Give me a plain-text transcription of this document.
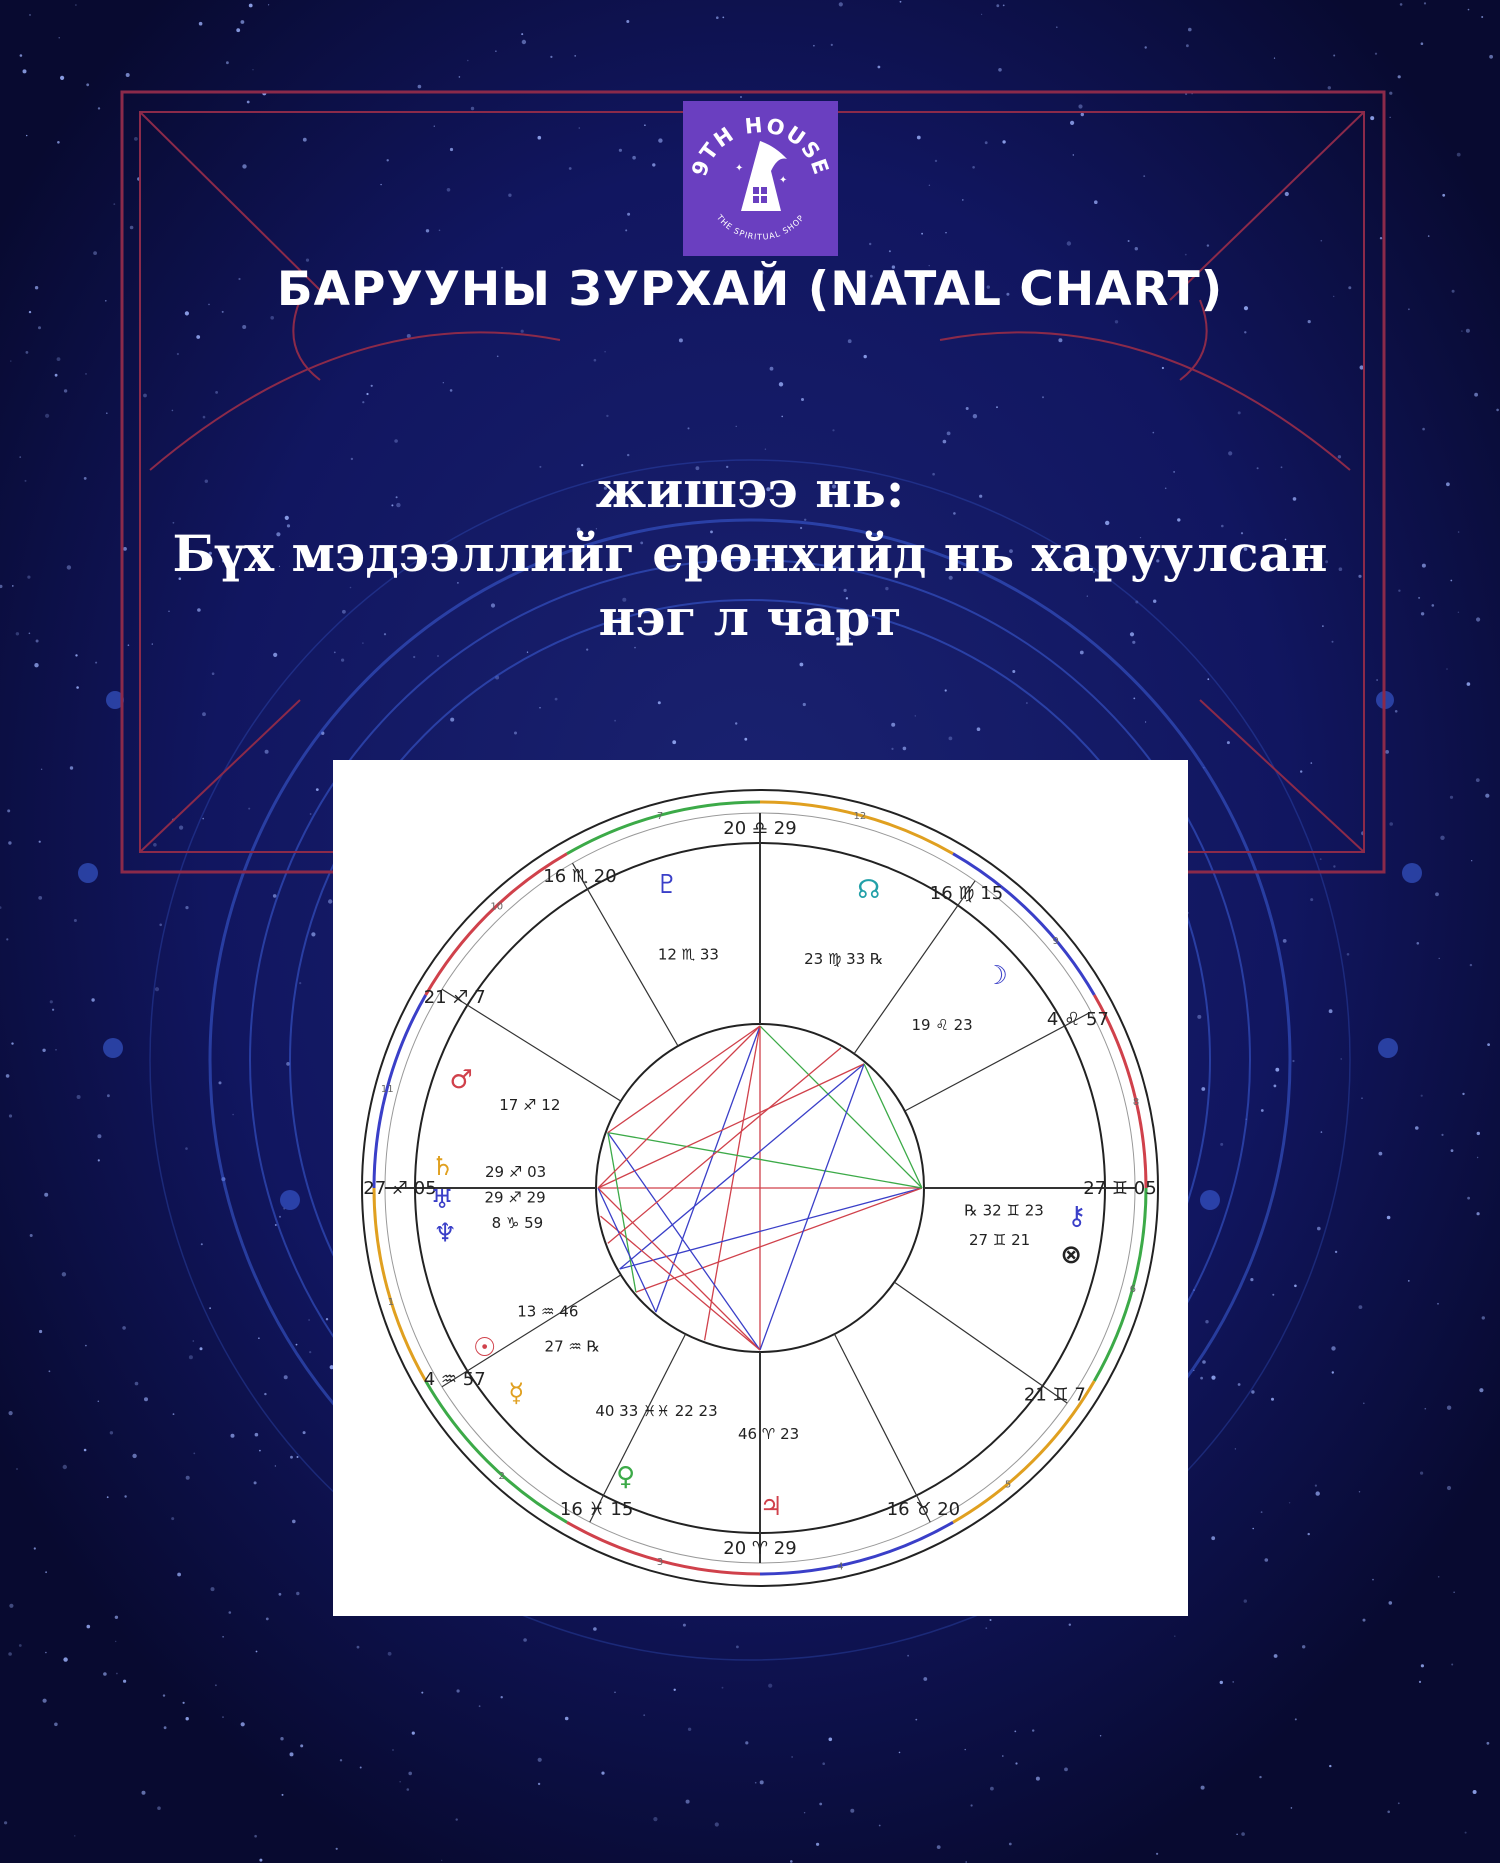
9TH HOUSE
THE SPIRITUAL SHOP
✦
✦
БАРУУНЫ ЗУРХАЙ (NATAL CHART)
жишээ нь:
Бүх мэдээллийг ерөнхийд нь харуулсан
нэг л чарт
20 ♎ 29
16 ♍ 15
4 ♌ 57
27 ♊ 05
21 ♊ 7
16 ♉ 20
20 ♈ 29
16 ♓ 15
4 ♒ 57
27 ♐ 05
21 ♐ 7
16 ♏ 20
12
9
8
6
5
4
3
2
1
11
10
7
♇
12 ♏ 33
☊
23 ♍ 33 ℞
☽
19 ♌ 23
⚷
℞ 32 ♊ 23
⊗
27 ♊ 21
♃
46 ♈ 23
♀
40 33 ♓♓ 22 23
☿
27 ♒ ℞
☉
13 ♒ 46
♆ 8 ♑ 59
♅ 29 ♐ 29
♄ 29 ♐ 03
♂
17 ♐ 12
